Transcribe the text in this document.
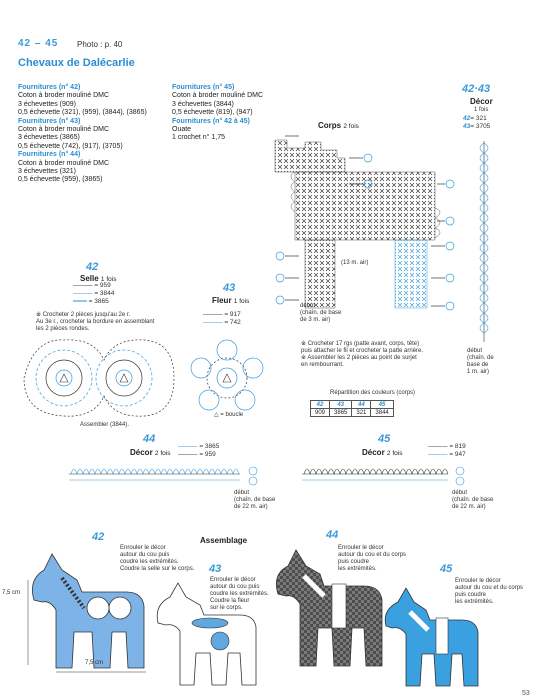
42 – 45 Photo : p. 40
Chevaux de Dalécarlie
Fournitures (n° 42)
Coton à broder mouliné DMC
3 échevettes (909)
0,5 échevette (321), (959), (3844), (3865)
Fournitures (n° 43)
Coton à broder mouliné DMC
3 échevettes (3865)
0,5 échevette (742), (917), (3705)
Fournitures (n° 44)
Coton à broder mouliné DMC
3 échevettes (321)
0,5 échevette (959), (3865)
Fournitures (n° 45)
Coton à broder mouliné DMC
3 échevettes (3844)
0,5 échevette (819), (947)
Fournitures (n° 42 à 45)
Ouate
1 crochet n° 1,75
Corps 2 fois
(13 m. air)
début
(chaîn. de base
de 3 m. air)
※ Crocheter 17 rgs (patte avant, corps, tête)
puis attacher le fil et crocheter la patte arrière.
※ Assembler les 2 pièces au point de surjet
en rembourrant.
Répartition des couleurs (corps)
42	43	44	45
909	3865	321	3844
42·43
Décor
1 fois
42= 321
43= 3705
début
(chaîn. de
base de
1 m. air)
42
Selle 1 fois
——— = 959
——— = 3844
═══ = 3865
※ Crocheter 2 pièces jusqu'au 2e r.
Au 3e r., crocheter la bordure en assemblant
les 2 pièces rondes.
Assembler (3844).
43
Fleur 1 fois
——— = 917
——— = 742
△ = boucle
44
Décor 2 fois
——— = 3865
——— = 959
début
(chaîn. de base
de 22 m. air)
45
Décor 2 fois
——— = 819
——— = 947
début
(chaîn. de base
de 22 m. air)
Assemblage
42
Enrouler le décor
autour du cou puis
coudre les extrémités.
Coudre la selle sur le corps.
7,5 cm
7,5 cm
43
Enrouler le décor
autour du cou puis
coudre les extrémités.
Coudre la fleur
sur le corps.
44
Enrouler le décor
autour du cou et du corps
puis coudre
les extrémités.	45
Enrouler le décor
autour du cou et du corps
puis coudre
les extrémités.
53
